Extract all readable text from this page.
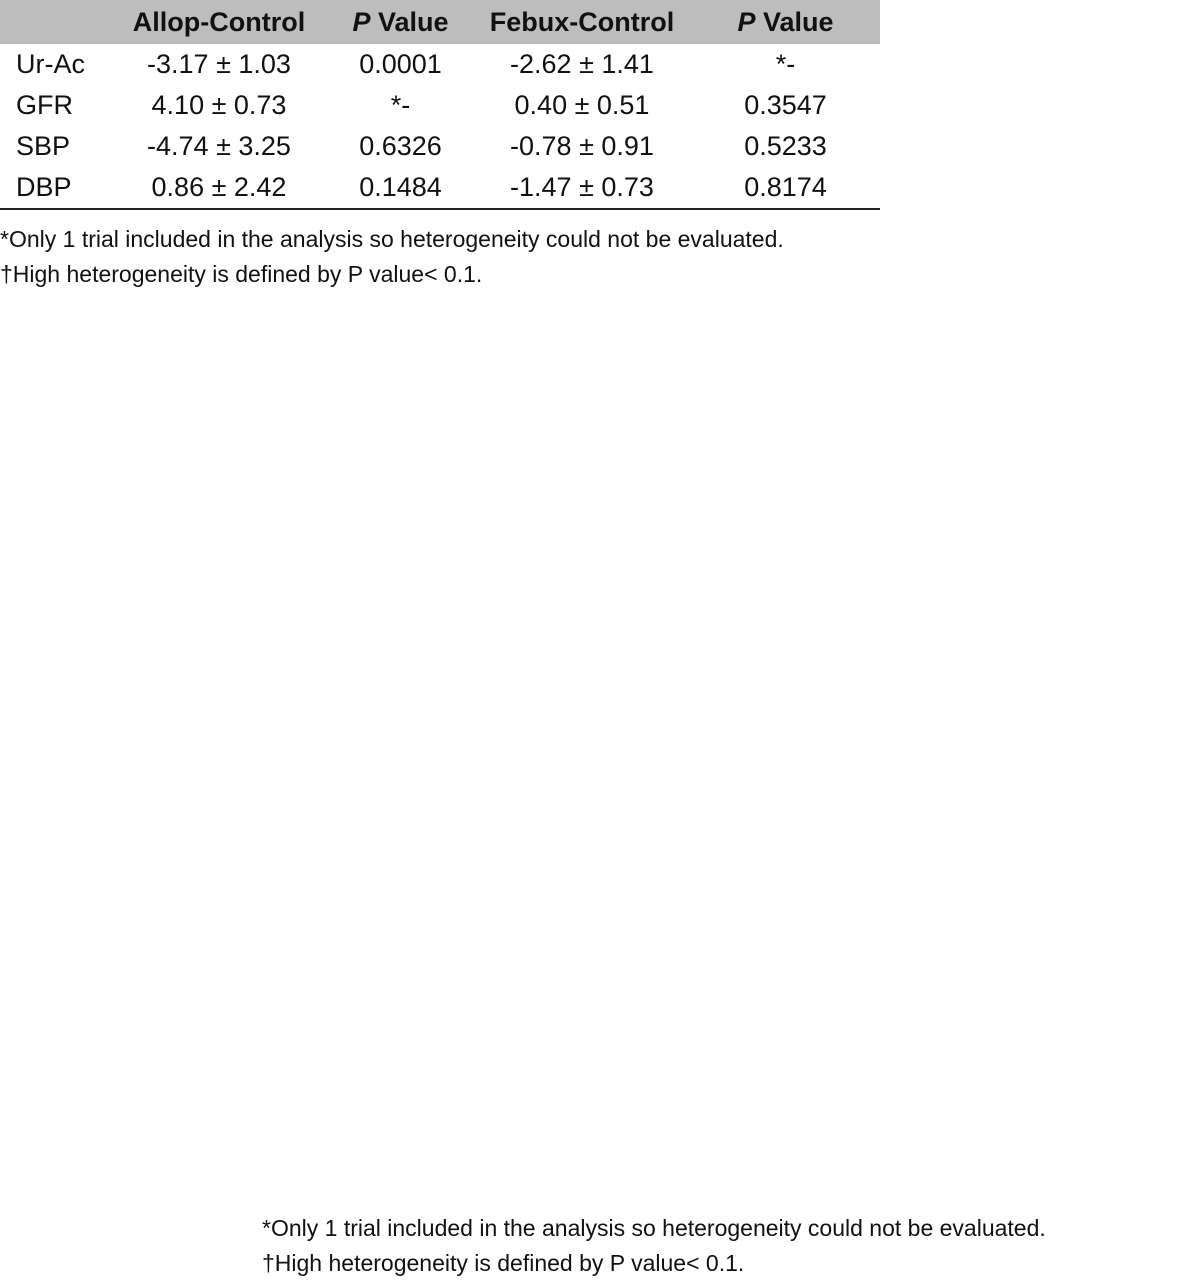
	Allop-Control	P Value	Febux-Control	P Value
Ur-Ac	-3.17 ± 1.03	0.0001	-2.62 ± 1.41	*-
GFR	4.10 ± 0.73	*-	0.40 ± 0.51	0.3547
SBP	-4.74 ± 3.25	0.6326	-0.78 ± 0.91	0.5233
DBP	0.86 ± 2.42	0.1484	-1.47 ± 0.73	0.8174
*Only 1 trial included in the analysis so heterogeneity could not be evaluated.
†High heterogeneity is defined by P value< 0.1.
*Only 1 trial included in the analysis so heterogeneity could not be evaluated.
†High heterogeneity is defined by P value< 0.1.
